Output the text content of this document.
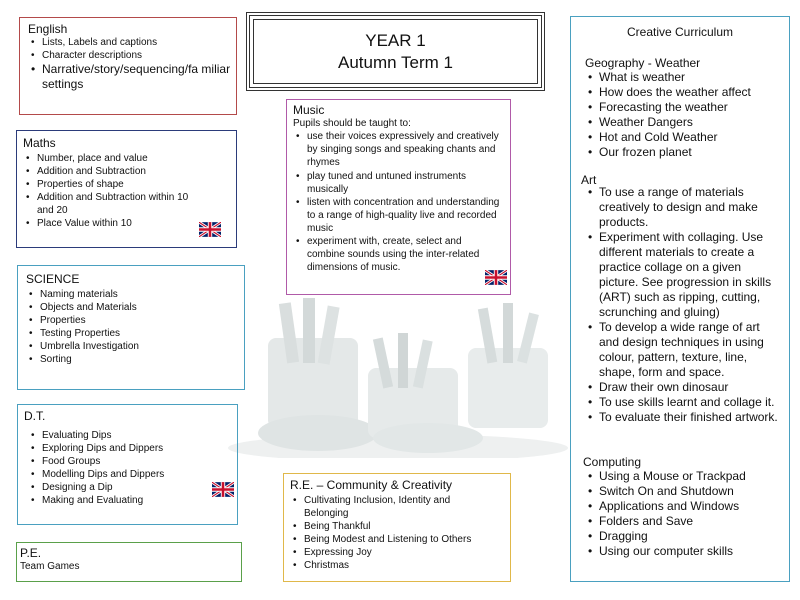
English
• Lists, Labels and captions
• Character descriptions
• Narrative/story/sequencing/fa miliar settings
Maths
• Number, place and value
• Addition and Subtraction
• Properties of shape
• Addition and Subtraction within 10 and 20
• Place Value within 10
SCIENCE
• Naming materials
• Objects and Materials
• Properties
• Testing Properties
• Umbrella Investigation
• Sorting
D.T.
• Evaluating Dips
• Exploring Dips and Dippers
• Food Groups
• Modelling Dips and Dippers
• Designing a Dip
• Making and Evaluating
P.E.
Team Games
YEAR 1
Autumn Term 1
Music
Pupils should be taught to:
• use their voices expressively and creatively by singing songs and speaking chants and rhymes
• play tuned and untuned instruments musically
• listen with concentration and understanding to a range of high-quality live and recorded music
• experiment with, create, select and combine sounds using the inter-related dimensions of music.
R.E. – Community & Creativity
• Cultivating Inclusion, Identity and Belonging
• Being Thankful
• Being Modest and Listening to Others
• Expressing Joy
• Christmas
Creative Curriculum
Geography - Weather
• What is weather
• How does the weather affect
• Forecasting the weather
• Weather Dangers
• Hot and Cold Weather
• Our frozen planet
Art
• To use a range of materials creatively to design and make products.
• Experiment with collaging. Use different materials to create a practice collage on a given picture. See progression in skills (ART) such as ripping, cutting, scrunching and gluing)
• To develop a wide range of art and design techniques in using colour, pattern, texture, line, shape, form and space.
• Draw their own dinosaur
• To use skills learnt and collage it.
• To evaluate their finished artwork.
Computing
• Using a Mouse or Trackpad
• Switch On and Shutdown
• Applications and Windows
• Folders and Save
• Dragging
• Using our computer skills
